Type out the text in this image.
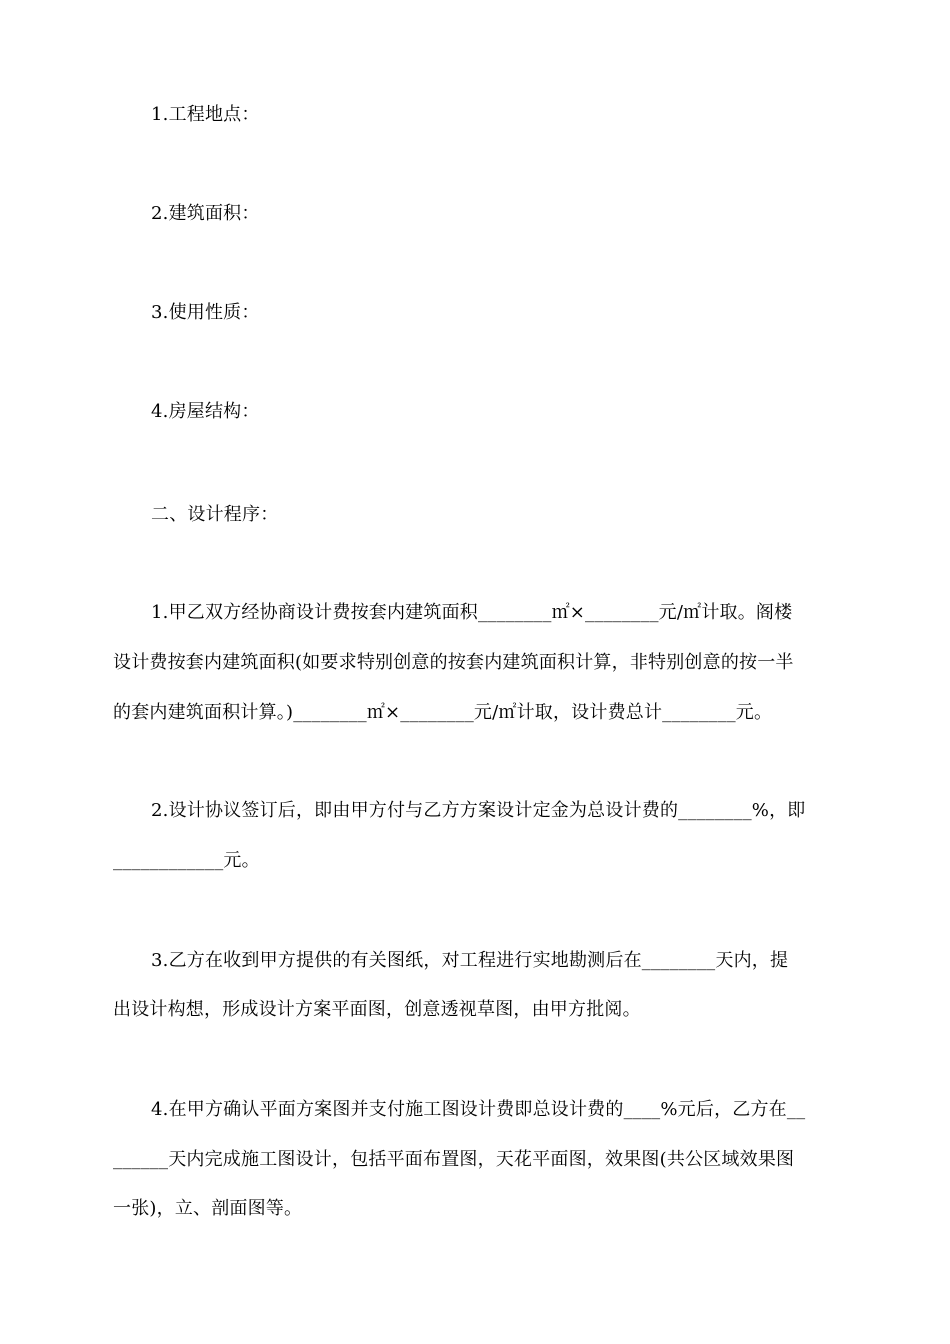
1.工程地点：
2.建筑面积：
3.使用性质：
4.房屋结构：
二、设计程序：
1.甲乙双方经协商设计费按套内建筑面积________㎡×________元/㎡计取。阁楼
设计费按套内建筑面积(如要求特别创意的按套内建筑面积计算，非特别创意的按一半
的套内建筑面积计算。)________㎡×________元/㎡计取，设计费总计________元。
2.设计协议签订后，即由甲方付与乙方方案设计定金为总设计费的________%，即
____________元。
3.乙方在收到甲方提供的有关图纸，对工程进行实地勘测后在________天内，提
出设计构想，形成设计方案平面图，创意透视草图，由甲方批阅。
4.在甲方确认平面方案图并支付施工图设计费即总设计费的____%元后，乙方在__
______天内完成施工图设计，包括平面布置图，天花平面图，效果图(共公区域效果图
一张)，立、剖面图等。
